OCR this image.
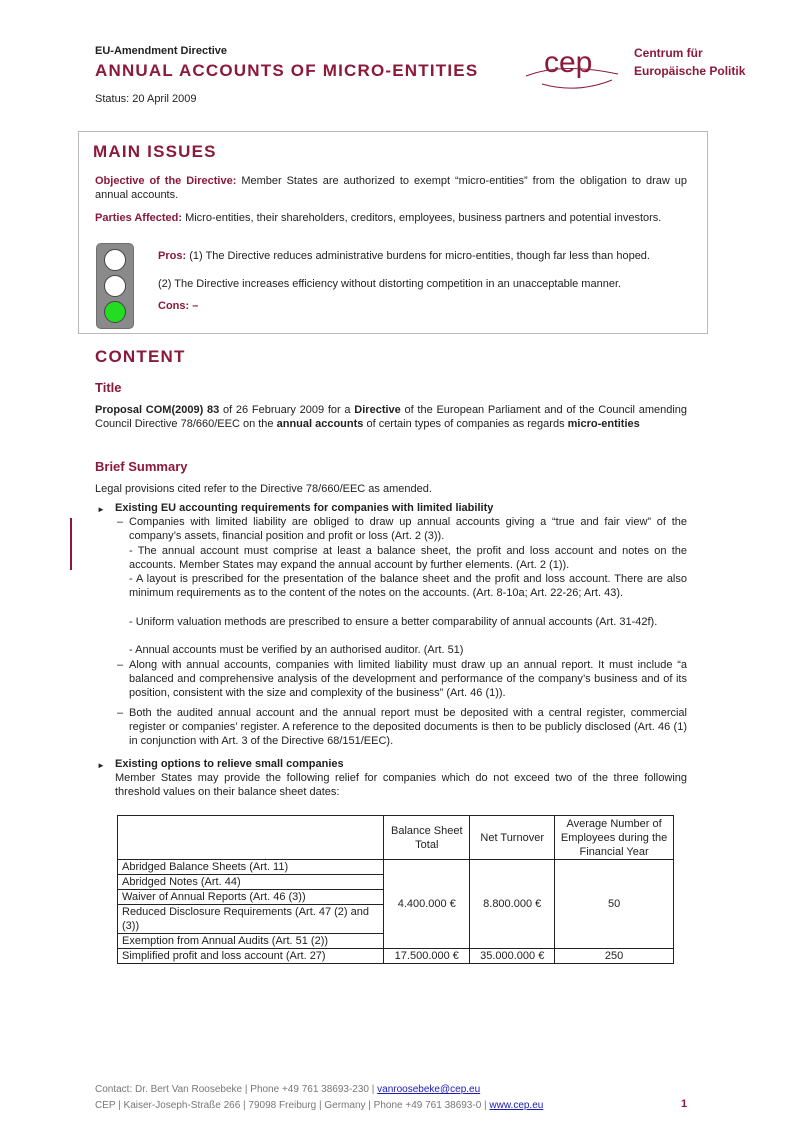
EU-Amendment Directive
ANNUAL ACCOUNTS OF MICRO-ENTITIES
Status: 20 April 2009
cep	Centrum für
Europäische Politik
MAIN ISSUES
Objective of the Directive: Member States are authorized to exempt “micro-entities” from the obligation to draw up annual accounts.
Parties Affected: Micro-entities, their shareholders, creditors, employees, business partners and potential investors.
Pros: (1) The Directive reduces administrative burdens for micro-entities, though far less than hoped.
(2) The Directive increases efficiency without distorting competition in an unacceptable manner.
Cons: –
CONTENT
Title
Proposal COM(2009) 83 of 26 February 2009 for a Directive of the European Parliament and of the Council amending Council Directive 78/660/EEC on the annual accounts of certain types of companies as regards micro-entities
Brief Summary
Legal provisions cited refer to the Directive 78/660/EEC as amended.
► Existing EU accounting requirements for companies with limited liability
– Companies with limited liability are obliged to draw up annual accounts giving a “true and fair view” of the company’s assets, financial position and profit or loss (Art. 2 (3)).
- The annual account must comprise at least a balance sheet, the profit and loss account and notes on the accounts. Member States may expand the annual account by further elements. (Art. 2 (1)).
- A layout is prescribed for the presentation of the balance sheet and the profit and loss account. There are also minimum requirements as to the content of the notes on the accounts. (Art. 8-10a; Art. 22-26; Art. 43).
- Uniform valuation methods are prescribed to ensure a better comparability of annual accounts (Art. 31-42f).
- Annual accounts must be verified by an authorised auditor. (Art. 51)
– Along with annual accounts, companies with limited liability must draw up an annual report. It must include “a balanced and comprehensive analysis of the development and performance of the company’s business and of its position, consistent with the size and complexity of the business” (Art. 46 (1)).
– Both the audited annual account and the annual report must be deposited with a central register, commercial register or companies’ register. A reference to the deposited documents is then to be publicly disclosed (Art. 46 (1) in conjunction with Art. 3 of the Directive 68/151/EEC).
► Existing options to relieve small companies
Member States may provide the following relief for companies which do not exceed two of the three following threshold values on their balance sheet dates:
	Balance Sheet Total	Net Turnover	Average Number of Employees during the Financial Year
Abridged Balance Sheets (Art. 11)	4.400.000 €	8.800.000 €	50
Abridged Notes (Art. 44)			
Waiver of Annual Reports (Art. 46 (3))			
Reduced Disclosure Requirements (Art. 47 (2) and (3))			
Exemption from Annual Audits (Art. 51 (2))			
Simplified profit and loss account (Art. 27)	17.500.000 €	35.000.000 €	250
Contact: Dr. Bert Van Roosebeke | Phone +49 761 38693-230 | vanroosebeke@cep.eu
CEP | Kaiser-Joseph-Straße 266 | 79098 Freiburg | Germany | Phone +49 761 38693-0 | www.cep.eu	1
